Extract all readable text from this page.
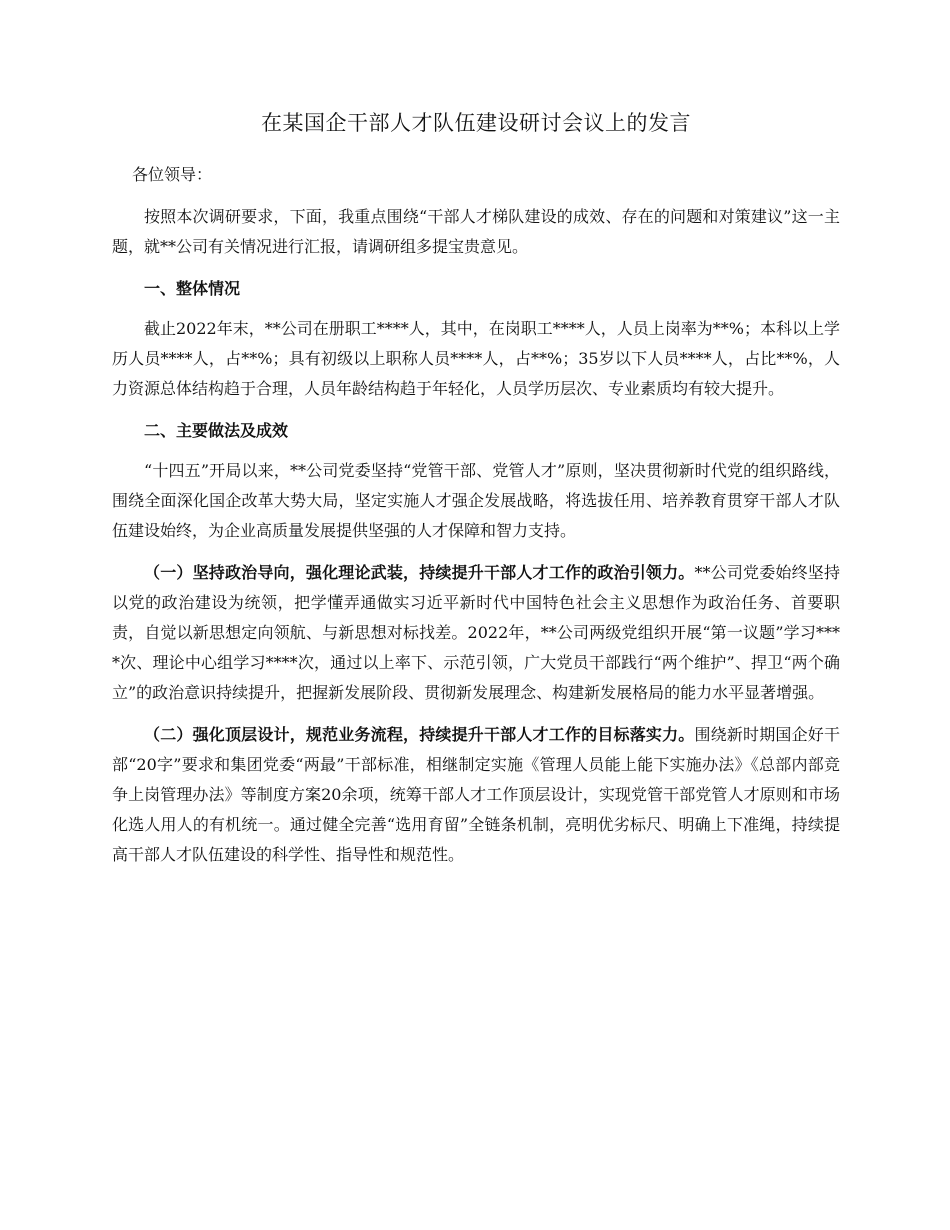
在某国企干部人才队伍建设研讨会议上的发言

各位领导：

按照本次调研要求，下面，我重点围绕“干部人才梯队建设的成效、存在的问题和对策建议”这一主题，就**公司有关情况进行汇报，请调研组多提宝贵意见。

一、整体情况

截止2022年末，**公司在册职工****人，其中，在岗职工****人，人员上岗率为**%；本科以上学历人员****人，占**%；具有初级以上职称人员****人，占**%；35岁以下人员****人，占比**%，人力资源总体结构趋于合理，人员年龄结构趋于年轻化，人员学历层次、专业素质均有较大提升。

二、主要做法及成效

“十四五”开局以来，**公司党委坚持“党管干部、党管人才”原则，坚决贯彻新时代党的组织路线，围绕全面深化国企改革大势大局，坚定实施人才强企发展战略，将选拔任用、培养教育贯穿干部人才队伍建设始终，为企业高质量发展提供坚强的人才保障和智力支持。

（一）坚持政治导向，强化理论武装，持续提升干部人才工作的政治引领力。**公司党委始终坚持以党的政治建设为统领，把学懂弄通做实习近平新时代中国特色社会主义思想作为政治任务、首要职责，自觉以新思想定向领航、与新思想对标找差。2022年，**公司两级党组织开展“第一议题”学习****次、理论中心组学习****次，通过以上率下、示范引领，广大党员干部践行“两个维护”、捍卫“两个确立”的政治意识持续提升，把握新发展阶段、贯彻新发展理念、构建新发展格局的能力水平显著增强。

（二）强化顶层设计，规范业务流程，持续提升干部人才工作的目标落实力。围绕新时期国企好干部“20字”要求和集团党委“两最”干部标准，相继制定实施《管理人员能上能下实施办法》《总部内部竞争上岗管理办法》等制度方案20余项，统筹干部人才工作顶层设计，实现党管干部党管人才原则和市场化选人用人的有机统一。通过健全完善“选用育留”全链条机制，亮明优劣标尺、明确上下准绳，持续提高干部人才队伍建设的科学性、指导性和规范性。
